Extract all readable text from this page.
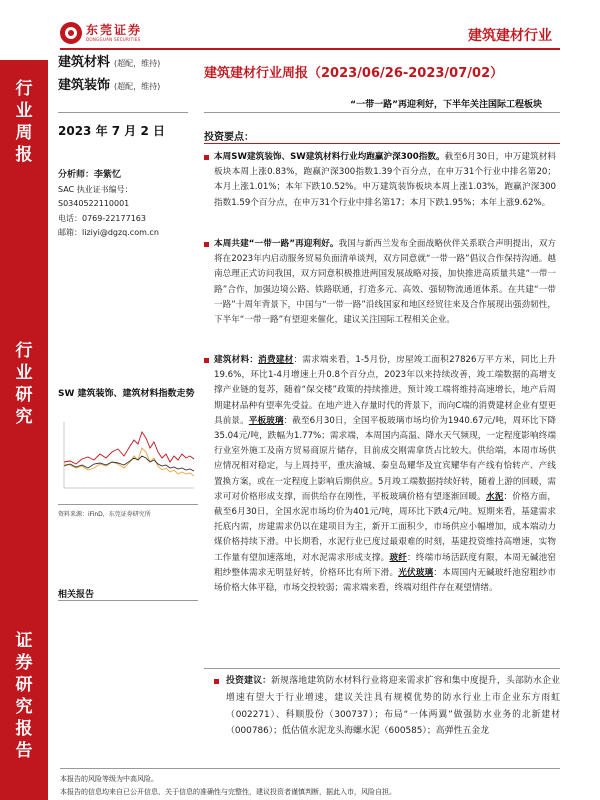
东莞证券
DONGGUAN SECURITIES	建筑建材行业
行
业
周
报
行
业
研
究
证
券
研
究
报
告
建筑材料 (超配，维持)
建筑装饰 (超配，维持)
建筑建材行业周报（2023/06/26-2023/07/02）
“一带一路”再迎利好，下半年关注国际工程板块
2023 年 7 月 2 日
分析师：李紫忆
SAC 执业证书编号：
S0340522110001
电话：0769-22177163
邮箱：liziyi@dgzq.com.cn
SW 建筑装饰、建筑材料指数走势
资料来源：iFinD，东莞证券研究所
相关报告
投资要点：
本周SW建筑装饰、SW建筑材料行业均跑赢沪深300指数。截至6月30日，申万建筑材料板块本周上涨0.83%，跑赢沪深300指数1.39个百分点，在申万31个行业中排名第20；本月上涨1.01%；本年下跌10.52%。申万建筑装饰板块本周上涨1.03%，跑赢沪深300指数1.59个百分点，在申万31个行业中排名第17；本月下跌1.95%；本年上涨9.62%。
本周共建“一带一路”再迎利好。我国与新西兰发布全面战略伙伴关系联合声明提出，双方将在2023年内启动服务贸易负面清单谈判，双方同意就“一带一路”倡议合作保持沟通。越南总理正式访问我国，双方同意积极推进两国发展战略对接，加快推进高质量共建“一带一路”合作，加强边境公路、铁路联通，打造多元、高效、强韧物流通道体系。在共建“一带一路”十周年背景下，中国与“一带一路”沿线国家和地区经贸往来及合作展现出强劲韧性，下半年“一带一路”有望迎来催化，建议关注国际工程相关企业。
建筑材料：消费建材：需求端来看，1-5月份，房屋竣工面积27826万平方米，同比上升19.6%，环比1-4月增速上升0.8个百分点，2023年以来持续改善，竣工端数据的高增支撑产业链的复苏，随着“保交楼”政策的持续推进，预计竣工端将维持高速增长，地产后周期建材品种有望率先受益。在地产进入存量时代的背景下，而向C端的消费建材企业有望更具前景。平板玻璃：截至6月30日，全国平板玻璃市场均价为1940.67元/吨，周环比下降35.04元/吨，跌幅为1.77%；需求端，本周国内高温、降水天气频现，一定程度影响终端行业室外施工及南方贸易商原片储存，目前成交刚需拿货占比较大。供给端，本周市场供应情况相对稳定，与上周持平，重庆渝城、秦皇岛耀华及宜宾耀华有产线有恰转产、产线置换方案，或在一定程度上影响后期供应。5月竣工端数据持续好转，随着上游的回暖，需求可对价格形成支撑，而供给存在刚性，平板玻璃价格有望逐渐回暖。水泥：价格方面，截至6月30日，全国水泥市场均价为401元/吨，周环比下跌4元/吨。短期来看，基建需求托底内需，房建需求仍以在建项目为主，新开工面积少，市场供应小幅增加，成本端动力煤价格持续下滑。中长期看，水泥行业已度过最艰难的时刻，基建投资维持高增速，实物工作量有望加速落地，对水泥需求形成支撑。玻纤：终端市场活跃度有限，本周无碱池窑粗纱整体需求无明显好转，价格环比有所下滑。光伏玻璃：本周国内无碱玻纤池窑粗纱市场价格大体平稳，市场交投较弱；需求端来看，终端对组件存在观望情绪。
投资建议：新规落地建筑防水材料行业将迎来需求扩容和集中度提升，头部防水企业增速有望大于行业增速，建议关注具有规模优势的防水行业上市企业东方雨虹（002271）、科顺股份（300737）；布局“一体两翼”做强防水业务的北新建材（000786）；低估值水泥龙头海螺水泥（600585）；高弹性五金龙
本报告的风险等级为中高风险。
本报告的信息均来自已公开信息，关于信息的准确性与完整性，建议投资者谨慎判断，据此入市，风险自担。
